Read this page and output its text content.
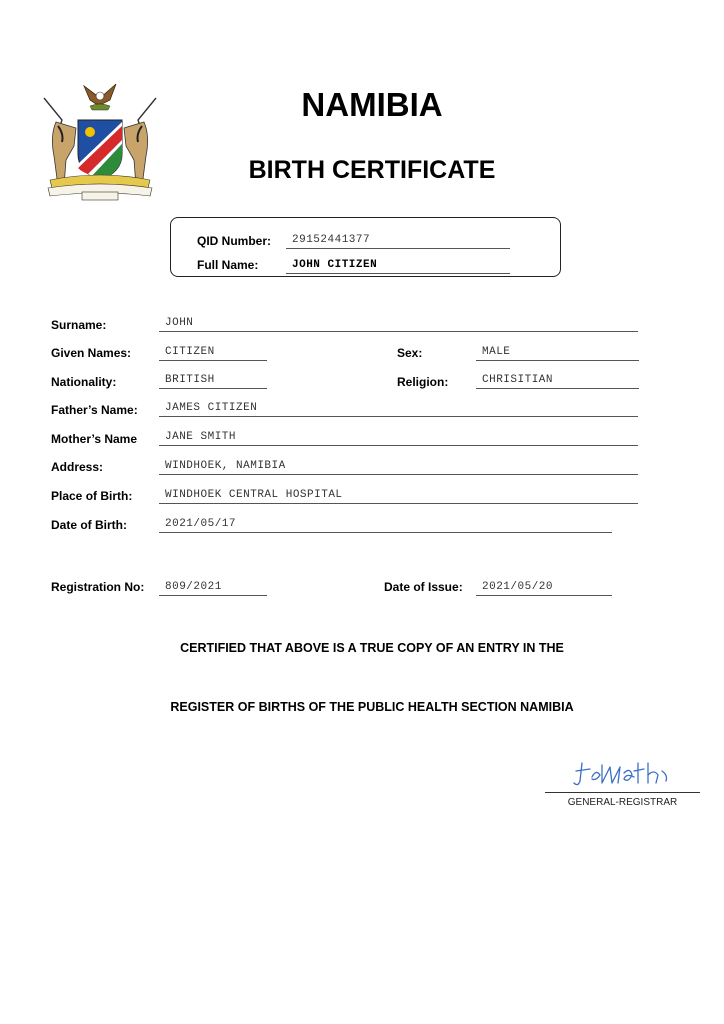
NAMIBIA
BIRTH CERTIFICATE
QID Number:	29152441377
Full Name:	JOHN CITIZEN
Surname:	JOHN
Given Names:	CITIZEN	Sex:	MALE
Nationality:	BRITISH	Religion:	CHRISITIAN
Father’s Name:	JAMES CITIZEN
Mother’s Name	JANE SMITH
Address:	WINDHOEK, NAMIBIA
Place of Birth:	WINDHOEK CENTRAL HOSPITAL
Date of Birth:	2021/05/17
Registration No:	809/2021	Date of Issue:	2021/05/20
CERTIFIED THAT ABOVE IS A TRUE COPY OF AN ENTRY IN THE
REGISTER OF BIRTHS OF THE PUBLIC HEALTH SECTION NAMIBIA
GENERAL-REGISTRAR
